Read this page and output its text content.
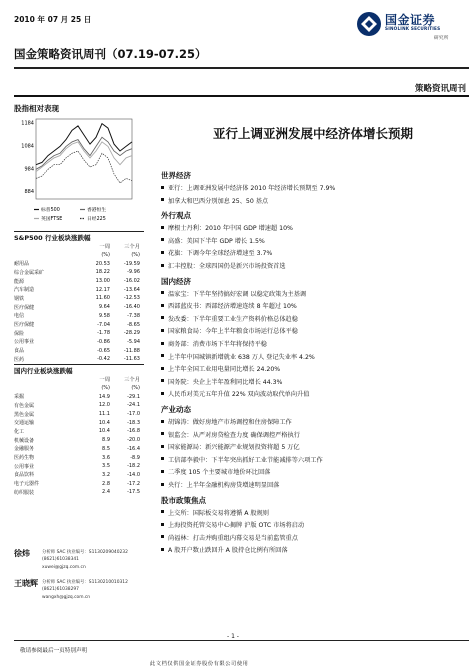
2010 年 07 月 25 日	国金证券
SINOLINK SECURITIES
研究所
国金策略资讯周刊（07.19-07.25）
策略资讯周刊
股指相对表现
1184
1084
984
884
标普500	香港恒生
英国FTSE	日经225
亚行上调亚洲发展中经济体增长预期
S&P500 行业板块涨跌幅
一周	三个月
(%)	(%)
耐用品	20.53	-19.59
综合金属采矿	18.22	-9.96
能源	13.00	-16.02
汽车制造	12.17	-13.64
钢铁	11.60	-12.53
医疗保健	9.64	-16.40
电信	9.58	-7.38
医疗保健	-7.04	-8.65
保险	-1.78	-28.29
公用事业	-0.86	-5.94
食品	-0.65	-11.88
医药	-0.42	-11.63
国内行业板块涨跌幅
一周	三个月
(%)	(%)
采掘	14.9	-29.1
有色金属	12.0	-24.1
黑色金属	11.1	-17.0
交通运输	10.4	-18.3
化工	10.4	-16.8
机械设备	8.9	-20.0
金融服务	8.5	-16.4
医药生物	3.6	-8.9
公用事业	3.5	-18.2
食品饮料	3.2	-14.0
电子元器件	2.8	-17.2
纺织服装	2.4	-17.5
徐炜	分析师 SAC 执业编号：S1130209040232
(8621)61038341
xuwei@gjzq.com.cn
王晓辉 分析师 SAC 执业编号：S1130210010312
(8621)61038297
wangxh@gjzq.com.cn
世界经济
亚行：上调亚洲发展中经济体 2010 年经济增长预期至 7.9%
加拿大和巴西分别加息 25、50 基点
外行观点
摩根士丹利：2010 年中国 GDP 增速超 10%
高盛：美国下半年 GDP 增长 1.5%
花旗：下调今年全球经济增速至 3.7%
汇丰控股：全球四国仍是新兴市场投资首选
国内经济
温家宝：下半年坚持搞好宏调 以稳定政策为主基调
西部蓝皮书：西部经济增速连续 8 年超过 10%
发改委：下半年重要工业生产资料价格总体趋稳
国家粮食局：今年上半年粮食市场运行总体平稳
商务部：消费市场下半年将保持平稳
上半年中国城镇新增就业 638 万人 登记失业率 4.2%
上半年全国工业用电量同比增长 24.20%
国务院：央企上半年盈利同比增长 44.3%
人民币对美元五年升值 22% 双向波动取代单向升值
产业动态
胡锦涛：做好房地产市场调控和住房保障工作
银监会：从严对房贷检查力度 确保调控严格执行
国家能源局：新兴能源产业规划投资将超 5 万亿
工信部李毅中：下半年突出抓好工业节能减排等六项工作
二季度 105 个主要城市地价环比回落
央行：上半年金融机构房贷增速明显回落
股市政策焦点
上交所：国际板交易将遵循 A 股规则
上海投资托管交易中心揭牌 沪版 OTC 市场将启动
尚福林：打击并购重组内幕交易是当前监管重点
A 股开户数止跌回升 A 股持仓比例有所回落
- 1 -
敬请参阅最后一页特别声明
此文档仅供国金证券股份有限公司使用
